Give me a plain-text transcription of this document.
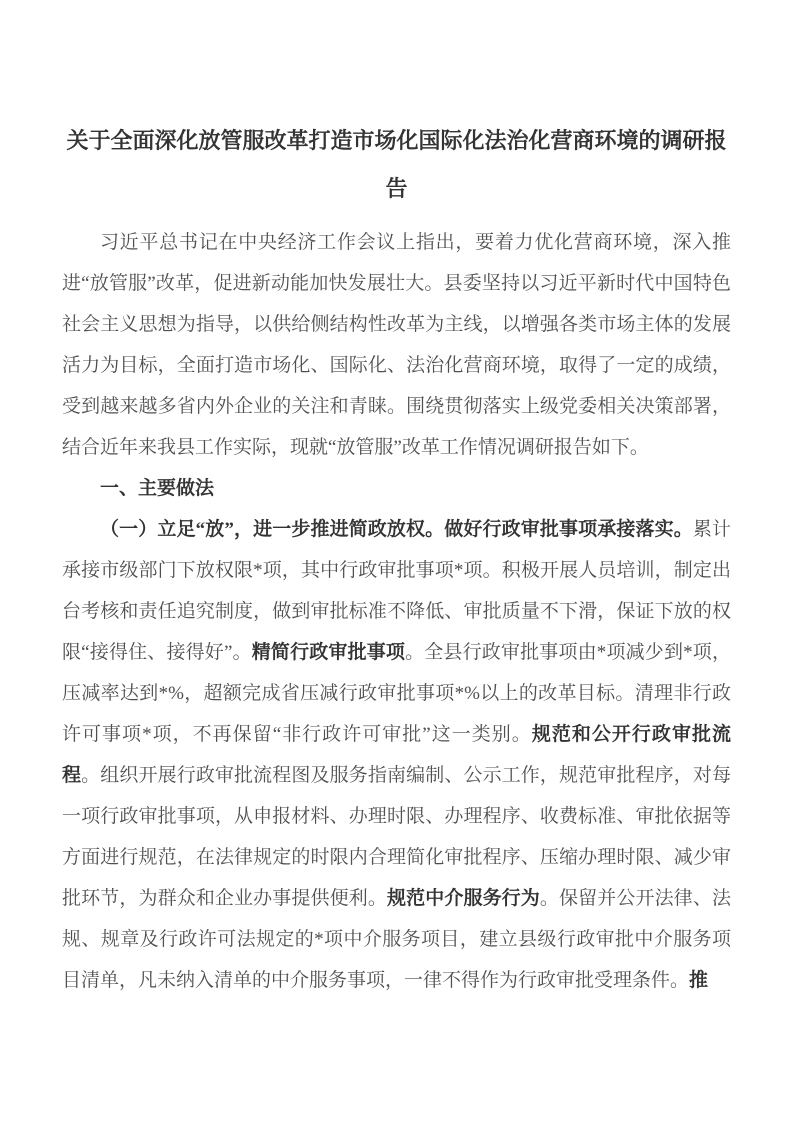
关于全面深化放管服改革打造市场化国际化法治化营商环境的调研报告

习近平总书记在中央经济工作会议上指出，要着力优化营商环境，深入推进“放管服”改革，促进新动能加快发展壮大。县委坚持以习近平新时代中国特色社会主义思想为指导，以供给侧结构性改革为主线，以增强各类市场主体的发展活力为目标，全面打造市场化、国际化、法治化营商环境，取得了一定的成绩，受到越来越多省内外企业的关注和青睐。围绕贯彻落实上级党委相关决策部署，结合近年来我县工作实际，现就“放管服”改革工作情况调研报告如下。

一、主要做法

（一）立足“放”，进一步推进简政放权。做好行政审批事项承接落实。累计承接市级部门下放权限*项，其中行政审批事项*项。积极开展人员培训，制定出台考核和责任追究制度，做到审批标准不降低、审批质量不下滑，保证下放的权限“接得住、接得好”。精简行政审批事项。全县行政审批事项由*项减少到*项，压减率达到*%，超额完成省压减行政审批事项*%以上的改革目标。清理非行政许可事项*项，不再保留“非行政许可审批”这一类别。规范和公开行政审批流程。组织开展行政审批流程图及服务指南编制、公示工作，规范审批程序，对每一项行政审批事项，从申报材料、办理时限、办理程序、收费标准、审批依据等方面进行规范，在法律规定的时限内合理简化审批程序、压缩办理时限、减少审批环节，为群众和企业办事提供便利。规范中介服务行为。保留并公开法律、法规、规章及行政许可法规定的*项中介服务项目，建立县级行政审批中介服务项目清单，凡未纳入清单的中介服务事项，一律不得作为行政审批受理条件。推
